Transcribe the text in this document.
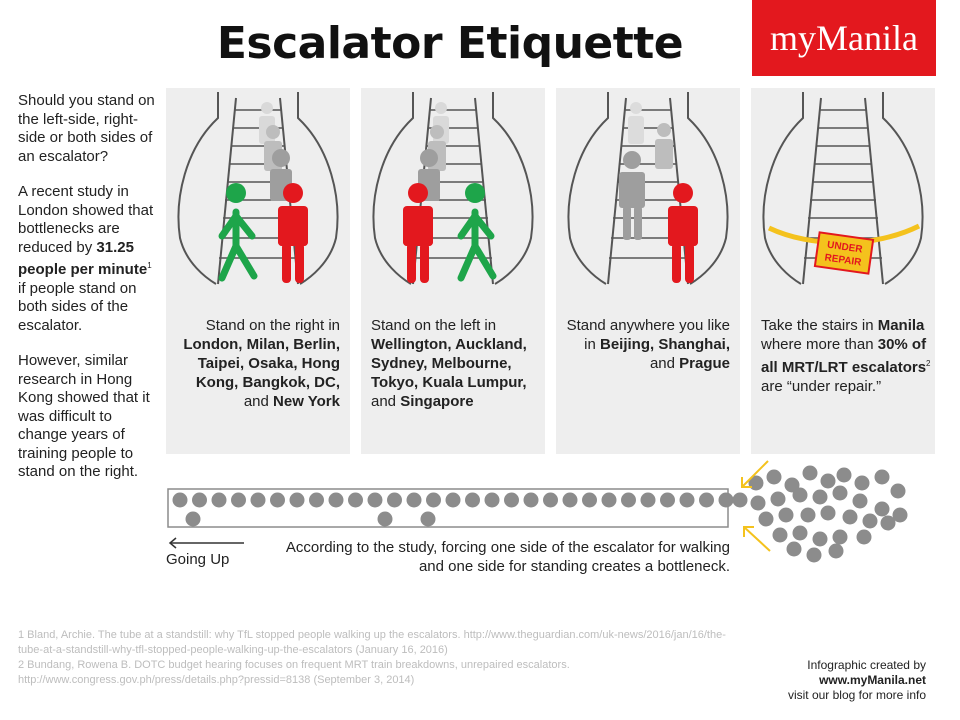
Escalator Etiquette	myManila

Should you stand on the left-side, right-side or both sides of an escalator?

A recent study in London showed that bottlenecks are reduced by 31.25 people per minute$^1$ if people stand on both sides of the escalator.

However, similar research in Hong Kong showed that it was difficult to change years of training people to stand on the right.

Stand on the right in London, Milan, Berlin, Taipei, Osaka, Hong Kong, Bangkok, DC, and New York
Stand on the left in Wellington, Auckland, Sydney, Melbourne, Tokyo, Kuala Lumpur, and Singapore
Stand anywhere you like in Beijing, Shanghai, and Prague
UNDER
REPAIR
Take the stairs in Manila where more than 30% of all MRT/LRT escalators$^2$ are “under repair.”
Going Up
According to the study, forcing one side of the escalator for walking and one side for standing creates a bottleneck.

1 Bland, Archie. The tube at a standstill: why TfL stopped people walking up the escalators. http://www.theguardian.com/uk-news/2016/jan/16/the-tube-at-a-standstill-why-tfl-stopped-people-walking-up-the-escalators (January 16, 2016)

2 Bundang, Rowena B. DOTC budget hearing focuses on frequent MRT train breakdowns, unrepaired escalators. http://www.congress.gov.ph/press/details.php?pressid=8138 (September 3, 2014)

Infographic created by
www.myManila.net
visit our blog for more info
